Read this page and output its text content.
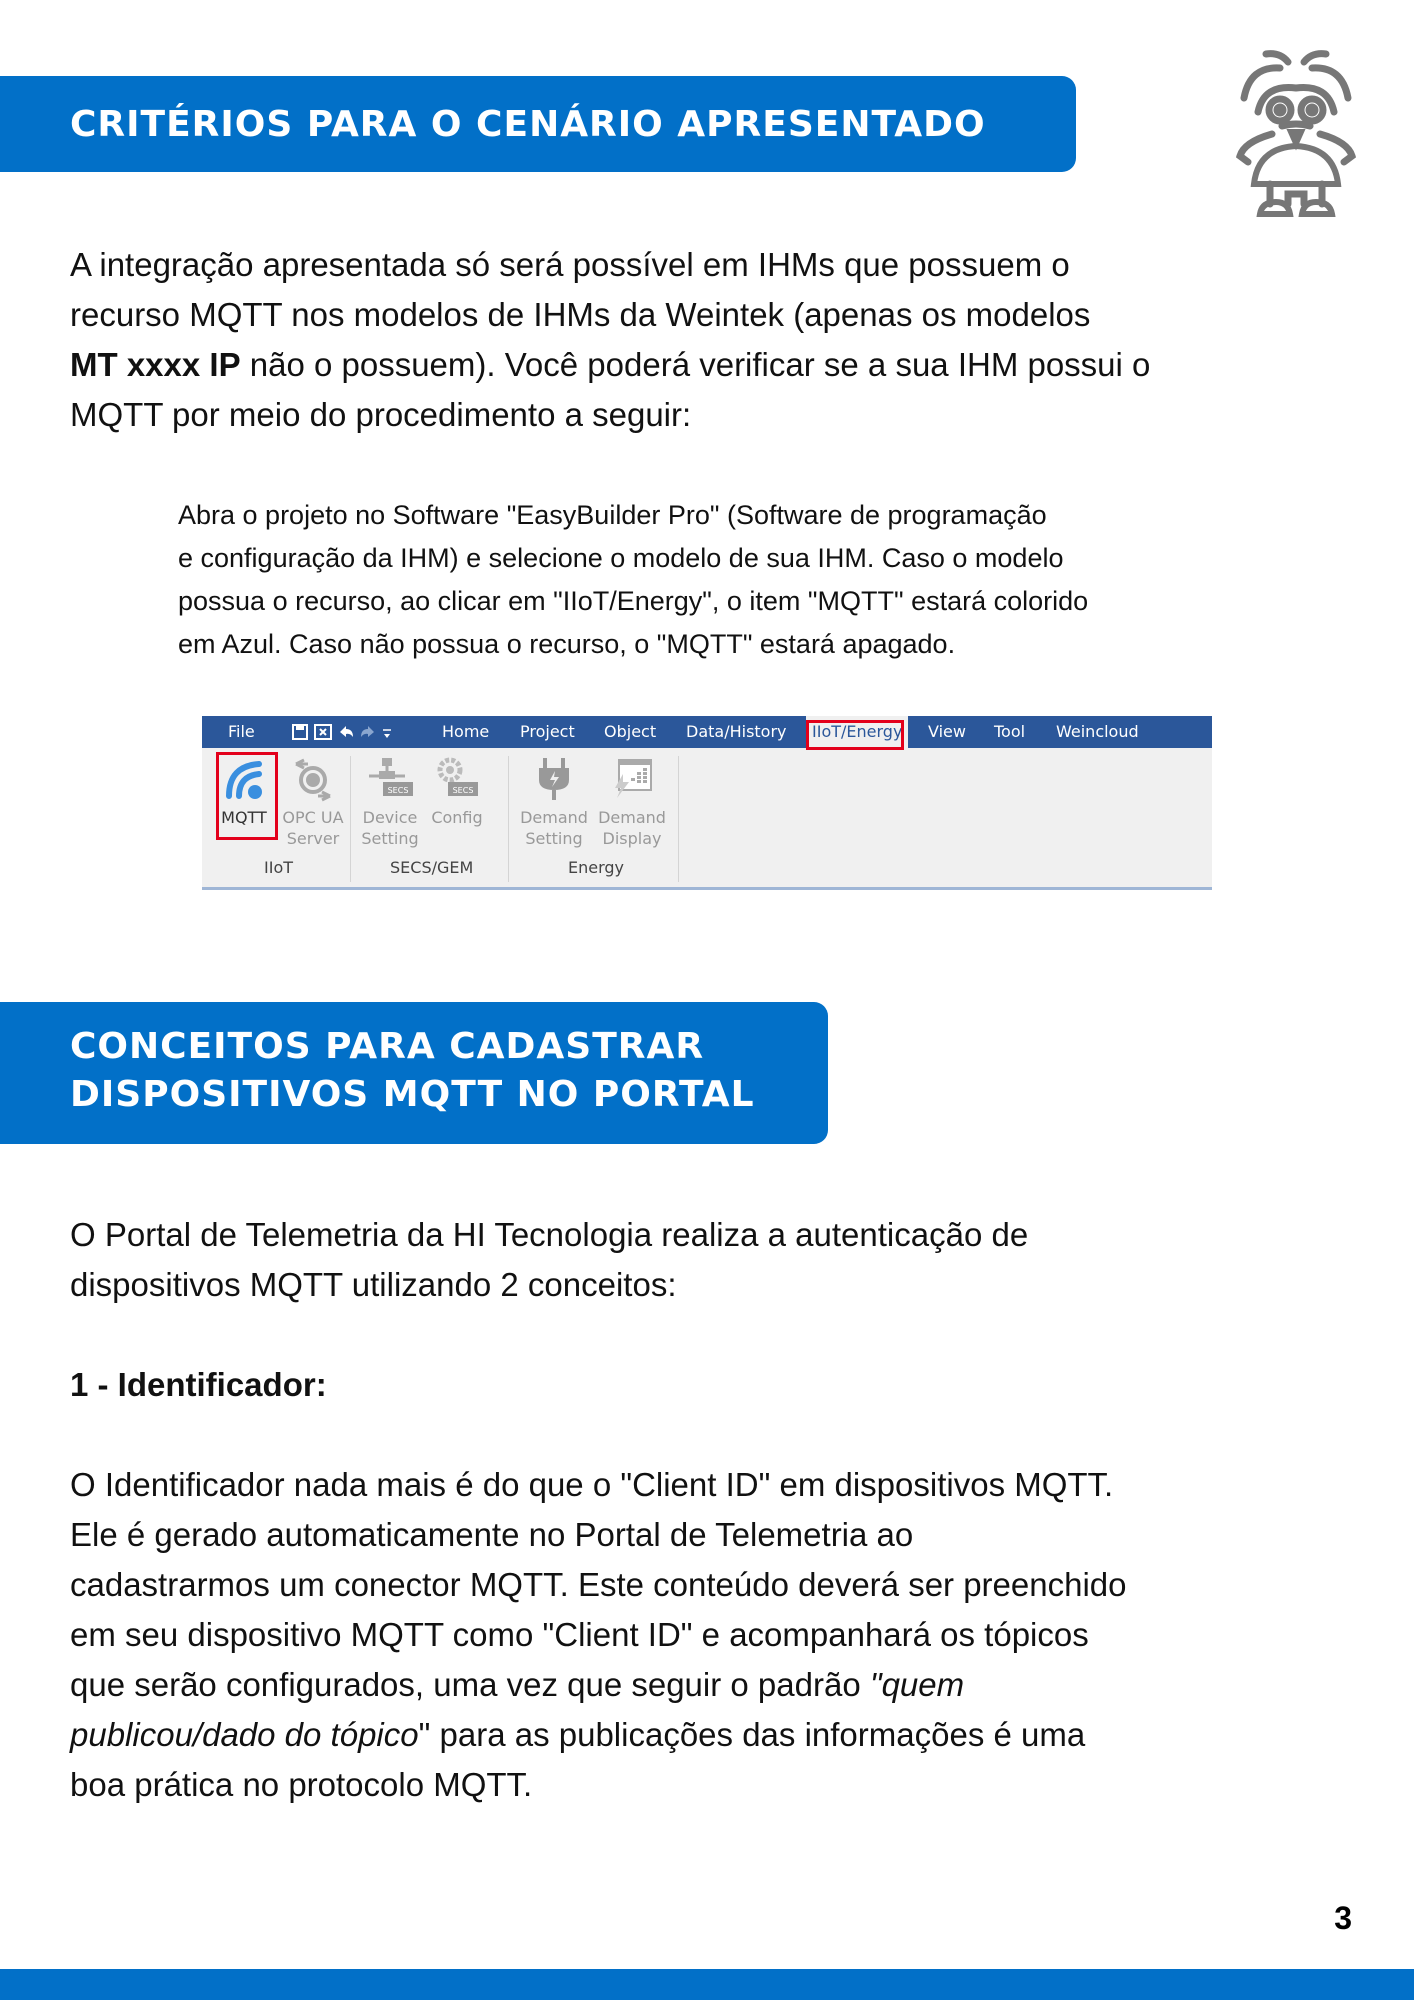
CRITÉRIOS PARA O CENÁRIO APRESENTADO
A integração apresentada só será possível em IHMs que possuem o
recurso MQTT nos modelos de IHMs da Weintek (apenas os modelos
MT xxxx IP não o possuem). Você poderá verificar se a sua IHM possui o
MQTT por meio do procedimento a seguir:
Abra o projeto no Software "EasyBuilder Pro" (Software de programação
e configuração da IHM) e selecione o modelo de sua IHM. Caso o modelo
possua o recurso, ao clicar em "IIoT/Energy", o item "MQTT" estará colorido
em Azul. Caso não possua o recurso, o "MQTT" estará apagado.
File	Home Project Object Data/History	IIoT/Energy	View Tool Weincloud
MQTT OPC UA
Server
SECS
Device
Setting
SECS
Config Demand
Setting
Demand
Display
IIoT	SECS/GEM	Energy
CONCEITOS PARA CADASTRAR
DISPOSITIVOS MQTT NO PORTAL
O Portal de Telemetria da HI Tecnologia realiza a autenticação de
dispositivos MQTT utilizando 2 conceitos:
1 - Identificador:
O Identificador nada mais é do que o "Client ID" em dispositivos MQTT.
Ele é gerado automaticamente no Portal de Telemetria ao
cadastrarmos um conector MQTT. Este conteúdo deverá ser preenchido
em seu dispositivo MQTT como "Client ID" e acompanhará os tópicos
que serão configurados, uma vez que seguir o padrão "quem
publicou/dado do tópico" para as publicações das informações é uma
boa prática no protocolo MQTT.
3
